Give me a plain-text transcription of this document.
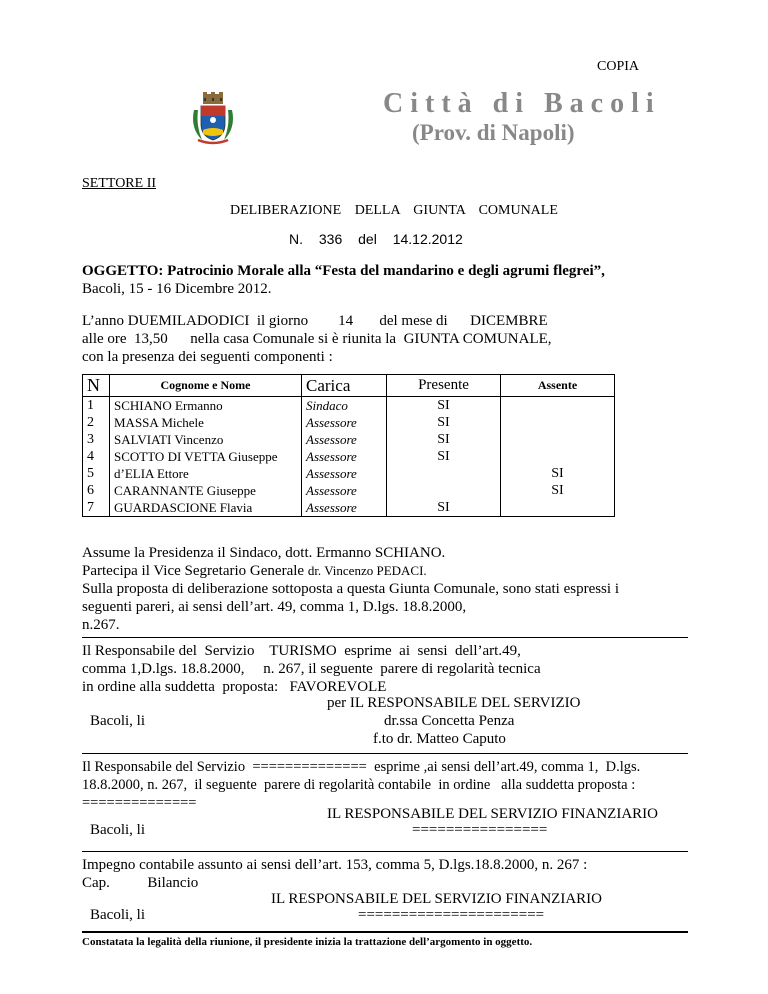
COPIA
Città di Bacoli
(Prov. di Napoli)
SETTORE II
DELIBERAZIONE DELLA GIUNTA COMUNALE
N. 336 del 14.12.2012
OGGETTO: Patrocinio Morale alla “Festa del mandarino e degli agrumi flegrei”,
Bacoli, 15 - 16 Dicembre 2012.
L’anno DUEMILADODICI  il giorno        14       del mese di      DICEMBRE
alle ore  13,50      nella casa Comunale si è riunita la  GIUNTA COMUNALE,
con la presenza dei seguenti componenti :
N	Cognome e Nome	Carica	Presente	Assente
1	SCHIANO Ermanno	Sindaco	SI	
2	MASSA Michele	Assessore	SI	
3	SALVIATI Vincenzo	Assessore	SI	
4	SCOTTO DI VETTA Giuseppe	Assessore	SI	
5	d’ELIA Ettore	Assessore		SI
6	CARANNANTE Giuseppe	Assessore		SI
7	GUARDASCIONE Flavia	Assessore	SI	
Assume la Presidenza il Sindaco, dott. Ermanno SCHIANO.
Partecipa il Vice Segretario Generale dr. Vincenzo PEDACI.
Sulla proposta di deliberazione sottoposta a questa Giunta Comunale, sono stati espressi i
seguenti pareri, ai sensi dell’art. 49, comma 1, D.lgs. 18.8.2000,
n.267.
Il Responsabile del  Servizio    TURISMO  esprime  ai  sensi  dell’art.49,
comma 1,D.lgs. 18.8.2000,     n. 267, il seguente  parere di regolarità tecnica
in ordine alla suddetta  proposta:   FAVOREVOLE
per IL RESPONSABILE DEL SERVIZIO
Bacoli, li	dr.ssa Concetta Penza
f.to dr. Matteo Caputo
Il Responsabile del Servizio  ==============  esprime ,ai sensi dell’art.49, comma 1,  D.lgs.
18.8.2000, n. 267,  il seguente  parere di regolarità contabile  in ordine   alla suddetta proposta :
==============
IL RESPONSABILE DEL SERVIZIO FINANZIARIO
Bacoli, li	================
Impegno contabile assunto ai sensi dell’art. 153, comma 5, D.lgs.18.8.2000, n. 267 :
Cap.          Bilancio
IL RESPONSABILE DEL SERVIZIO FINANZIARIO
Bacoli, li	======================
Constatata la legalità della riunione, il presidente inizia la trattazione dell’argomento in oggetto.
